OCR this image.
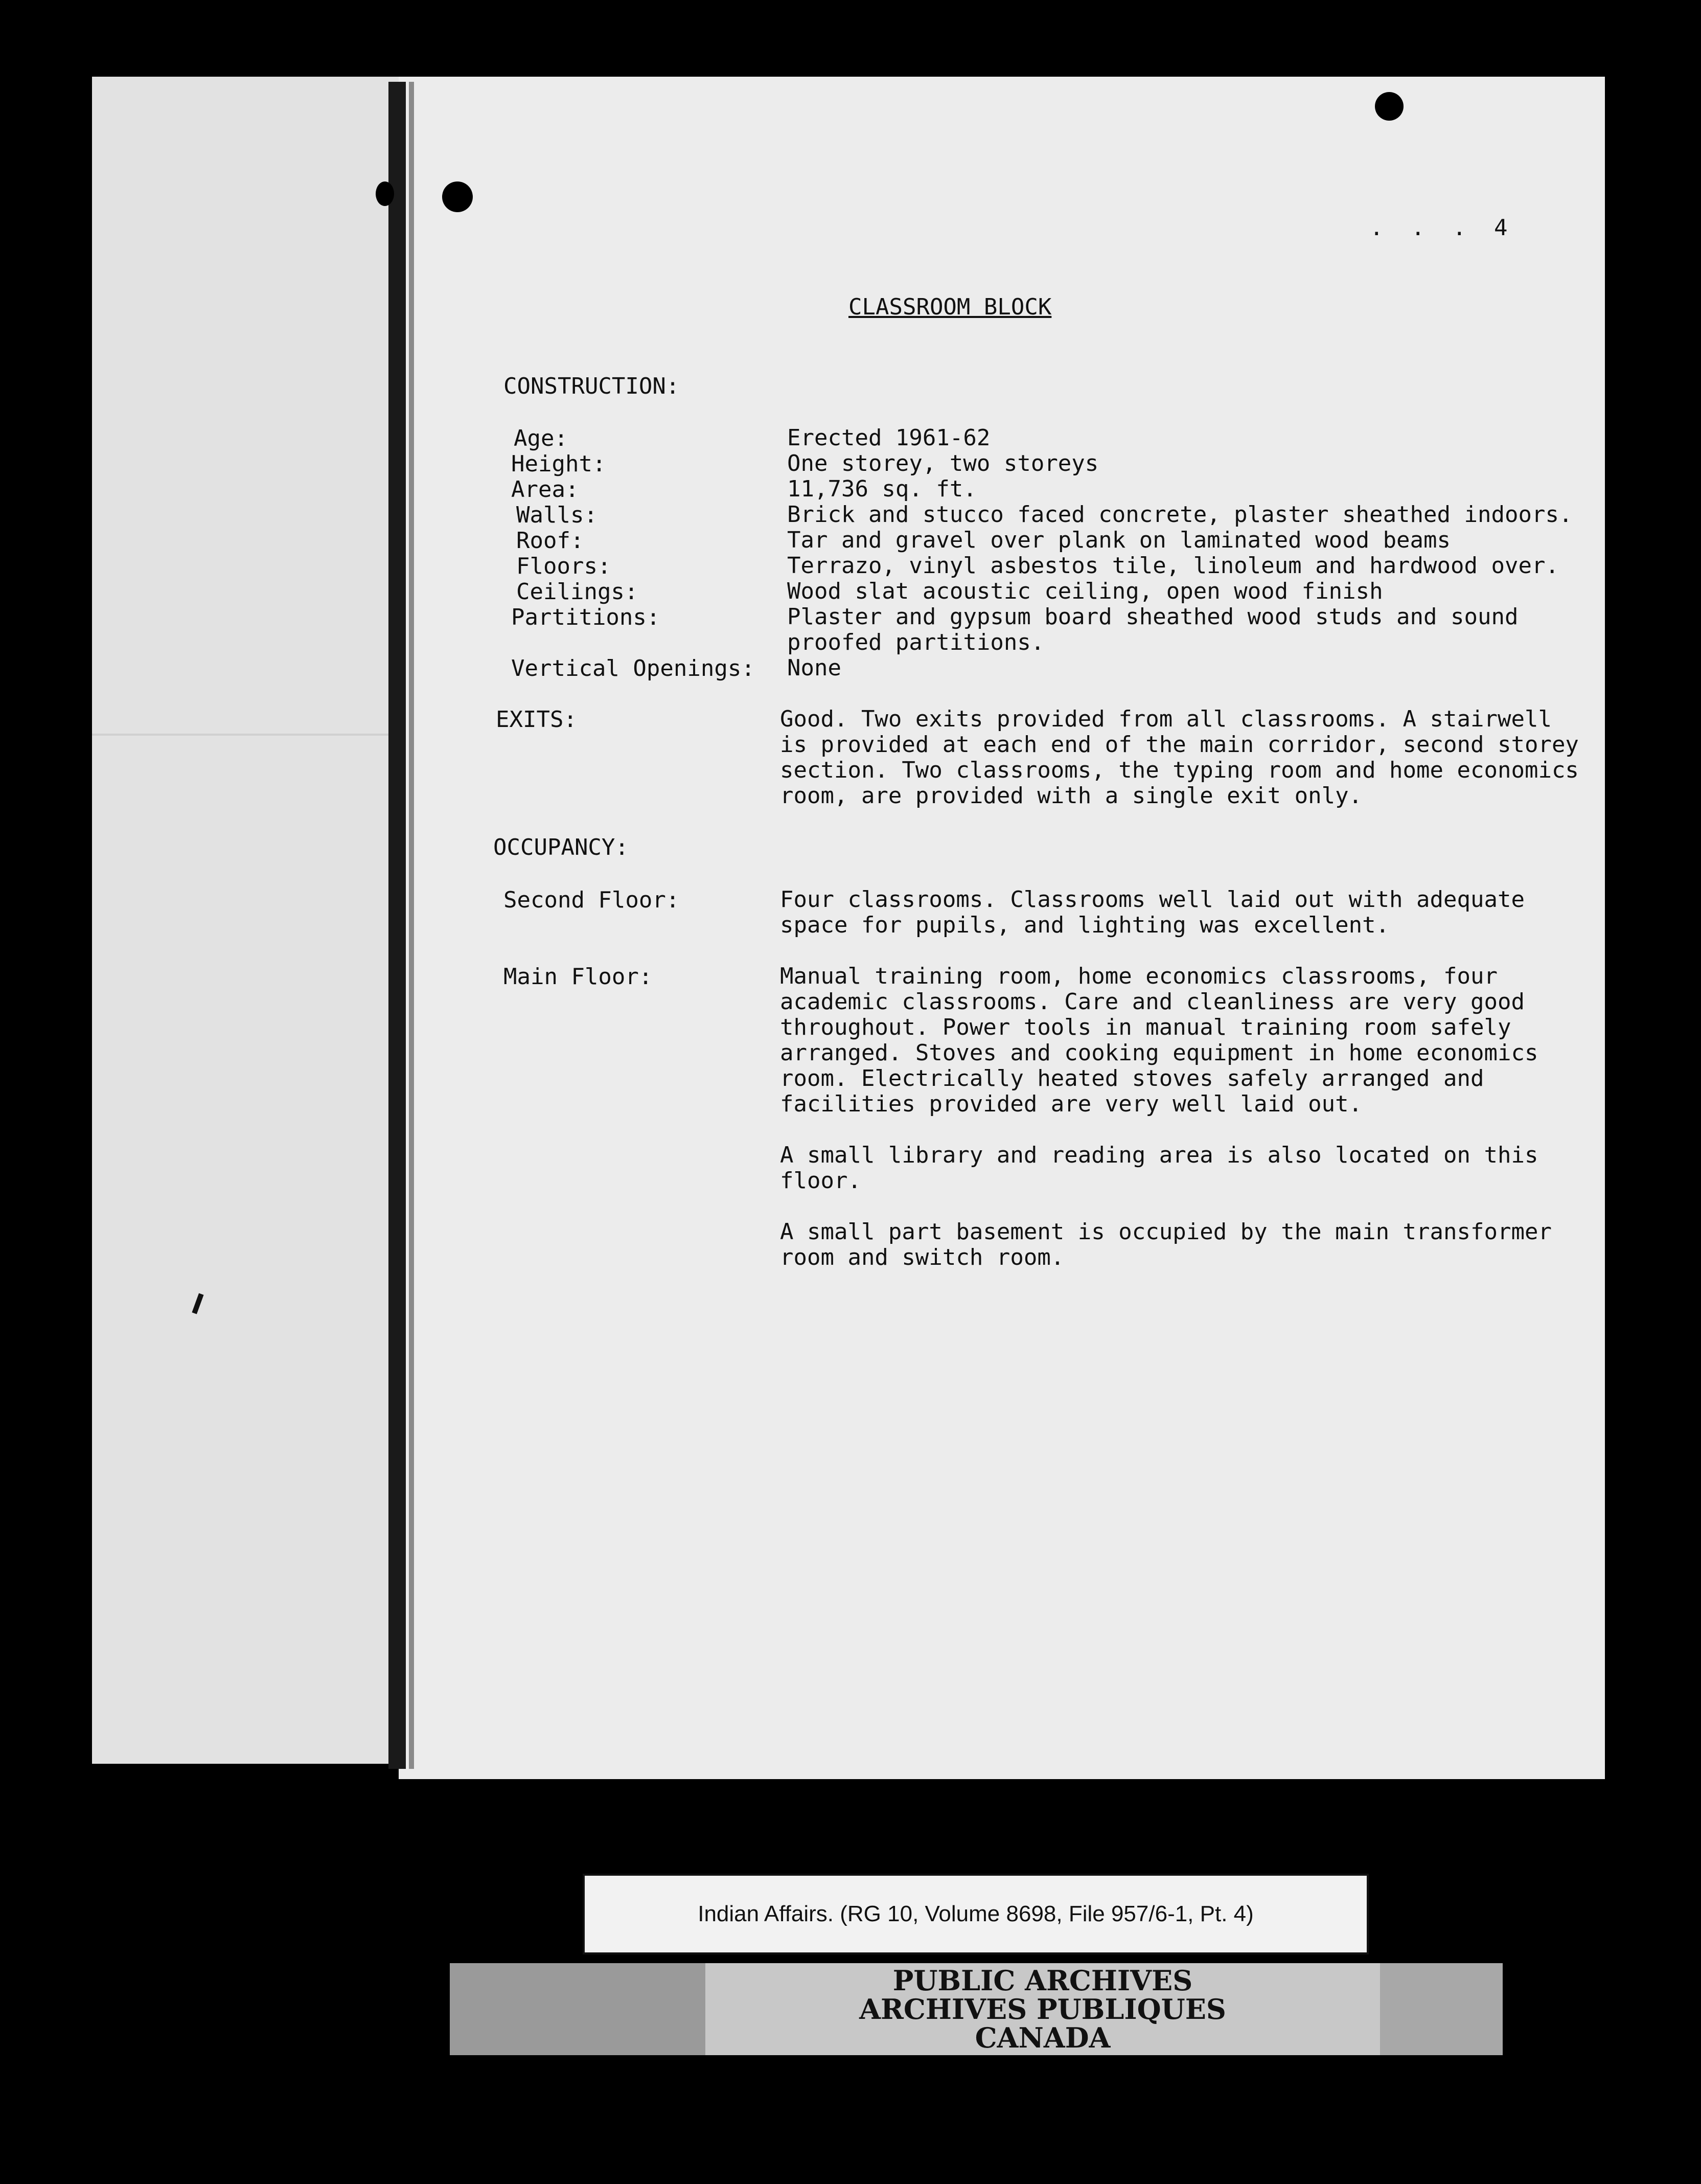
. . . 4
CLASSROOM BLOCK
CONSTRUCTION:
Age:	Erected 1961-62
Height:	One storey, two storeys
Area:	11,736 sq. ft.
Walls:	Brick and stucco faced concrete, plaster sheathed indoors.
Roof:	Tar and gravel over plank on laminated wood beams
Floors:	Terrazo, vinyl asbestos tile, linoleum and hardwood over.
Ceilings:	Wood slat acoustic ceiling, open wood finish
Partitions:	Plaster and gypsum board sheathed wood studs and sound proofed partitions.
Vertical Openings:	None
EXITS:	Good. Two exits provided from all classrooms. A stairwell is provided at each end of the main corridor, second storey section. Two classrooms, the typing room and home economics room, are provided with a single exit only.
OCCUPANCY:
Second Floor:	Four classrooms. Classrooms well laid out with adequate space for pupils, and lighting was excellent.
Main Floor:	Manual training room, home economics classrooms, four academic classrooms. Care and cleanliness are very good throughout. Power tools in manual training room safely arranged. Stoves and cooking equipment in home economics room. Electrically heated stoves safely arranged and facilities provided are very well laid out.
A small library and reading area is also located on this floor.
A small part basement is occupied by the main transformer room and switch room.
Indian Affairs. (RG 10, Volume 8698, File 957/6-1, Pt. 4)
PUBLIC ARCHIVES
ARCHIVES PUBLIQUES
CANADA
